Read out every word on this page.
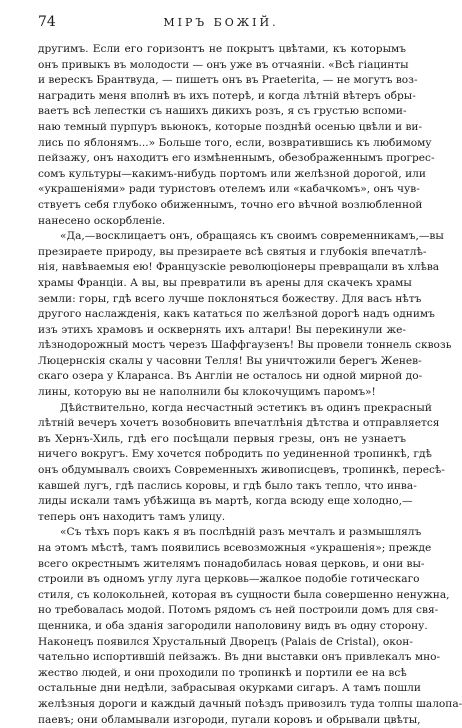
74	МІРЪ БОЖІЙ.
другимъ. Если его горизонтъ не покрытъ цвѣтами, къ которымъ
онъ привыкъ въ молодости — онъ уже въ отчаяніи. «Всѣ гіацинты
и верескъ Брантвуда, — пишетъ онъ въ Praeterita, — не могутъ воз-
наградить меня вполнѣ въ ихъ потерѣ, и когда лѣтній вѣтеръ обры-
ваетъ всѣ лепестки съ нашихъ дикихъ розъ, я съ грустью вспоми-
наю темный пурпуръ вьюнокъ, которые позднѣй осенью цвѣли и ви-
лись по яблонямъ...» Больше того, если, возвратившись къ любимому
пейзажу, онъ находитъ его измѣненнымъ, обезображеннымъ прогрес-
сомъ культуры—какимъ-нибудь портомъ или желѣзной дорогой, или
«украшеніями» ради туристовъ отелемъ или «кабачкомъ», онъ чув-
ствуетъ себя глубоко обиженнымъ, точно его вѣчной возлюбленной
нанесено оскорбленіе.
«Да,—восклицаетъ онъ, обращаясь къ своимъ современникамъ,—вы
презираете природу, вы презираете всѣ святыя и глубокія впечатлѣ-
нія, навѣваемыя ею! Французскіе революціонеры превращали въ хлѣва
храмы Франціи. А вы, вы превратили въ арены для скачекъ храмы
земли: горы, гдѣ всего лучше поклоняться божеству. Для васъ нѣтъ
другого наслажденія, какъ кататься по желѣзной дорогѣ надъ однимъ
изъ этихъ храмовъ и осквернять ихъ алтари! Вы перекинули же-
лѣзнодорожный мостъ черезъ Шаффгаузенъ! Вы провели тоннель сквозь
Люцернскія скалы у часовни Телля! Вы уничтожили берегъ Женев-
скаго озера у Кларанса. Въ Англіи не осталось ни одной мирной до-
лины, которую вы не наполнили бы клокочущимъ паромъ»!
Дѣйствительно, когда несчастный эстетикъ въ одинъ прекрасный
лѣтній вечеръ хочетъ возобновить впечатлѣнія дѣтства и отправляется
въ Хернъ-Хиль, гдѣ его посѣщали первыя грезы, онъ не узнаетъ
ничего вокругъ. Ему хочется побродить по уединенной тропинкѣ, гдѣ
онъ обдумывалъ своихъ Современныхъ живописцевъ, тропинкѣ, пересѣ-
кавшей лугъ, гдѣ паслись коровы, и гдѣ было такъ тепло, что инва-
лиды искали тамъ убѣжища въ мартѣ, когда всюду еще холодно,—
теперь онъ находитъ тамъ улицу.
«Съ тѣхъ поръ какъ я въ послѣдній разъ мечталъ и размышлялъ
на этомъ мѣстѣ, тамъ появились всевозможныя «украшенія»; прежде
всего окрестнымъ жителямъ понадобилась новая церковь, и они вы-
строили въ одномъ углу луга церковь—жалкое подобіе готическаго
стиля, съ колокольней, которая въ сущности была совершенно ненужна,
но требовалась модой. Потомъ рядомъ съ ней построили домъ для свя-
щенника, и оба зданія загородили наполовину видъ въ одну сторону.
Наконецъ появился Хрустальный Дворецъ (Palais de Cristal), окон-
чательно испортившій пейзажъ. Въ дни выставки онъ привлекалъ мно-
жество людей, и они проходили по тропинкѣ и портили ее на всѣ
остальные дни недѣли, забрасывая окурками сигаръ. А тамъ пошли
желѣзныя дороги и каждый дачный поѣздъ привозилъ туда толпы шалопа-
паевъ; они обламывали изгороди, пугали коровъ и обрывали цвѣты,
